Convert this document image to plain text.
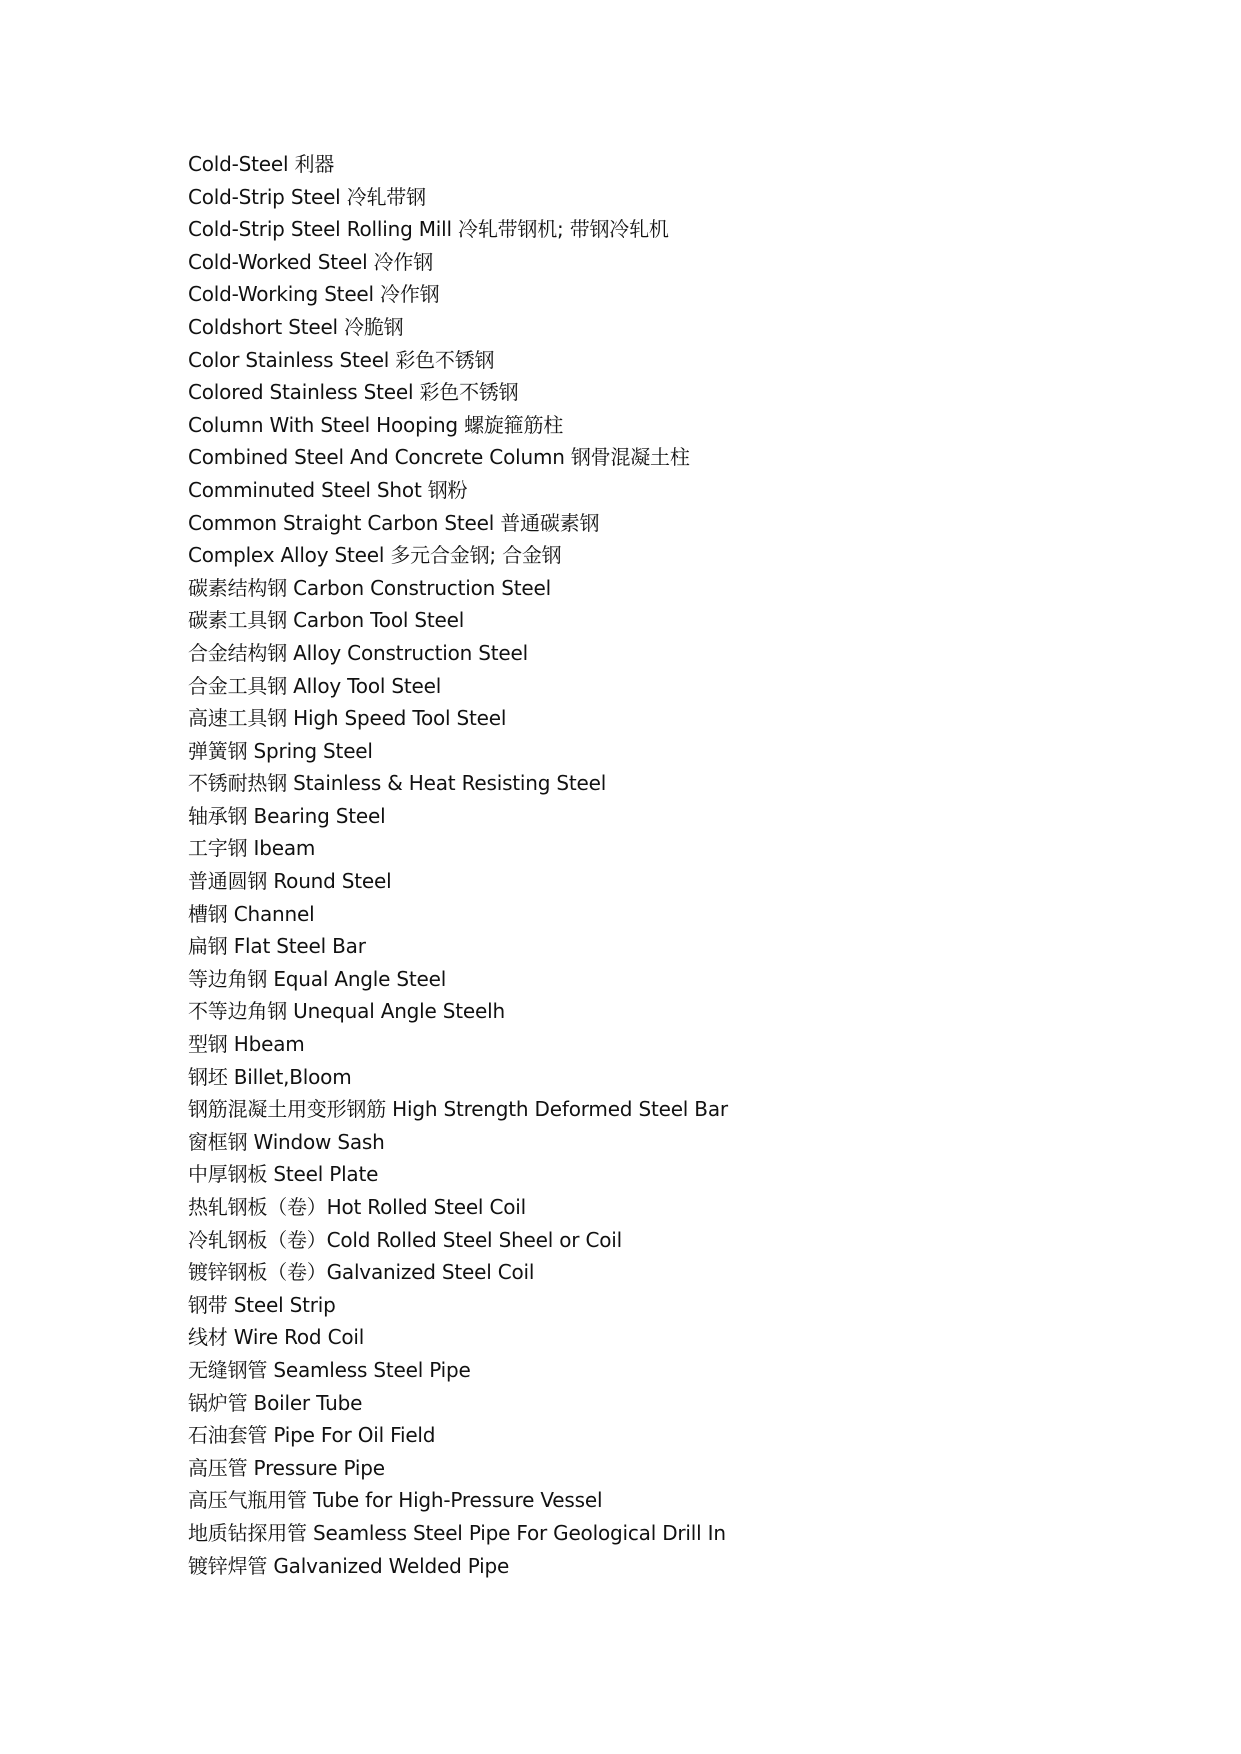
Cold-Steel 利器
Cold-Strip Steel 冷轧带钢
Cold-Strip Steel Rolling Mill 冷轧带钢机; 带钢冷轧机
Cold-Worked Steel 冷作钢
Cold-Working Steel 冷作钢
Coldshort Steel 冷脆钢
Color Stainless Steel 彩色不锈钢
Colored Stainless Steel 彩色不锈钢
Column With Steel Hooping 螺旋箍筋柱
Combined Steel And Concrete Column 钢骨混凝土柱
Comminuted Steel Shot 钢粉
Common Straight Carbon Steel 普通碳素钢
Complex Alloy Steel 多元合金钢; 合金钢
碳素结构钢 Carbon Construction Steel
碳素工具钢 Carbon Tool Steel
合金结构钢 Alloy Construction Steel
合金工具钢 Alloy Tool Steel
高速工具钢 High Speed Tool Steel
弹簧钢 Spring Steel
不锈耐热钢 Stainless & Heat Resisting Steel
轴承钢 Bearing Steel
工字钢 Ibeam
普通圆钢 Round Steel
槽钢 Channel
扁钢 Flat Steel Bar
等边角钢 Equal Angle Steel
不等边角钢 Unequal Angle Steelh
型钢 Hbeam
钢坯 Billet,Bloom
钢筋混凝土用变形钢筋 High Strength Deformed Steel Bar
窗框钢 Window Sash
中厚钢板 Steel Plate
热轧钢板（卷）Hot Rolled Steel Coil
冷轧钢板（卷）Cold Rolled Steel Sheel or Coil
镀锌钢板（卷）Galvanized Steel Coil
钢带 Steel Strip
线材 Wire Rod Coil
无缝钢管 Seamless Steel Pipe
锅炉管 Boiler Tube
石油套管 Pipe For Oil Field
高压管 Pressure Pipe
高压气瓶用管 Tube for High-Pressure Vessel
地质钻探用管 Seamless Steel Pipe For Geological Drill In
镀锌焊管 Galvanized Welded Pipe
